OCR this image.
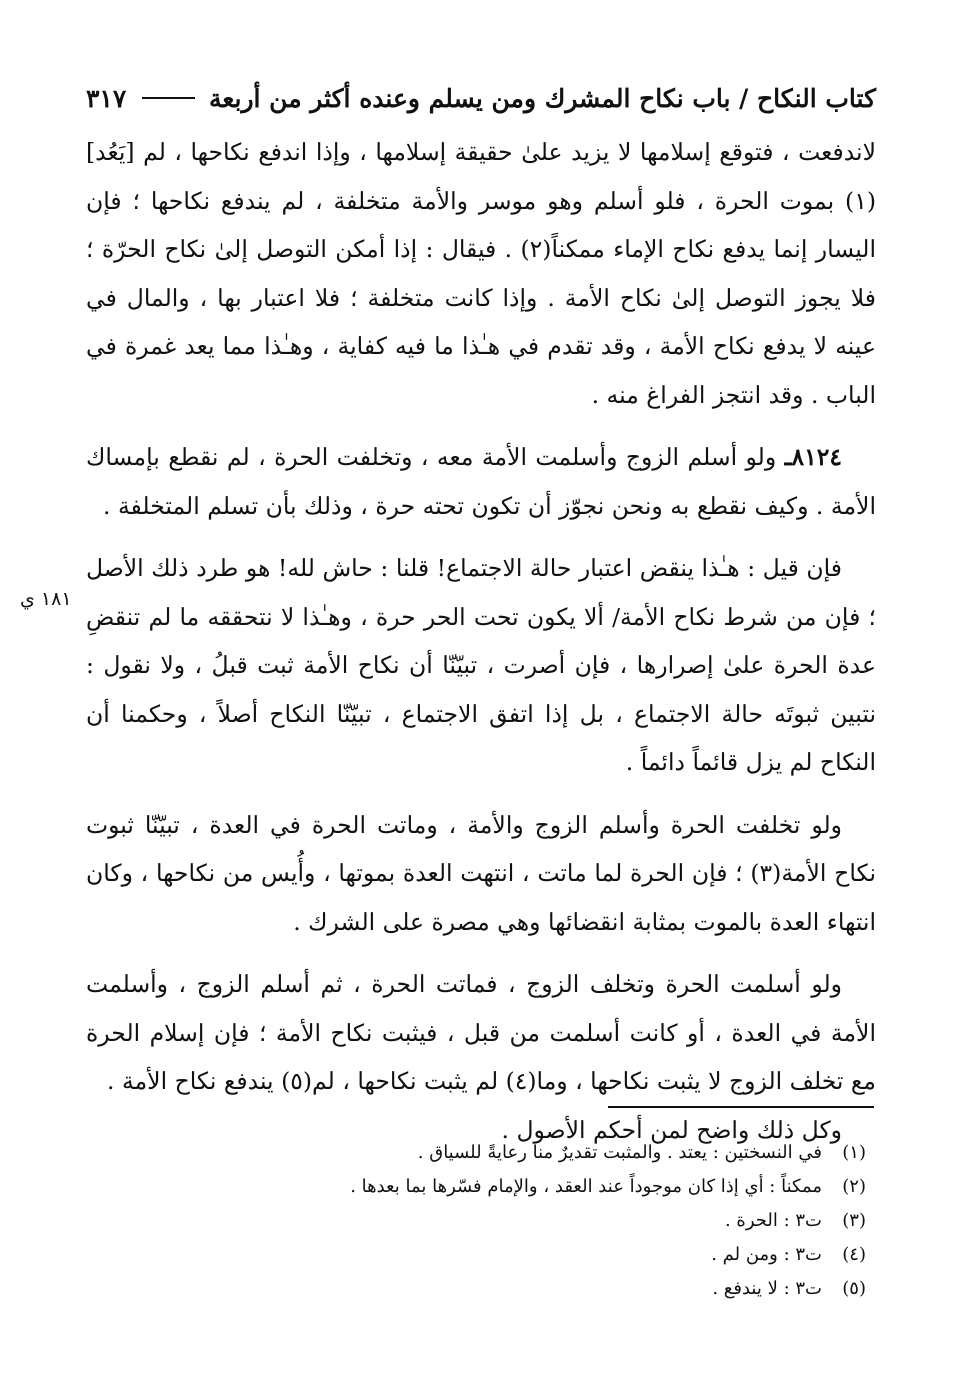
كتاب النكاح / باب نكاح المشرك ومن يسلم وعنده أكثر من أربعة
٣١٧
١٨١ ي

لاندفعت ، فتوقع إسلامها لا يزيد علىٰ حقيقة إسلامها ، وإذا اندفع نكاحها ، لم [يَعُد](١) بموت الحرة ، فلو أسلم وهو موسر والأمة متخلفة ، لم يندفع نكاحها ؛ فإن اليسار إنما يدفع نكاح الإماء ممكناً(٢) . فيقال : إذا أمكن التوصل إلىٰ نكاح الحرّة ؛ فلا يجوز التوصل إلىٰ نكاح الأمة . وإذا كانت متخلفة ؛ فلا اعتبار بها ، والمال في عينه لا يدفع نكاح الأمة ، وقد تقدم في هـٰذا ما فيه كفاية ، وهـٰذا مما يعد غمرة في الباب . وقد انتجز الفراغ منه .

٨١٢٤ـ ولو أسلم الزوج وأسلمت الأمة معه ، وتخلفت الحرة ، لم نقطع بإمساك الأمة . وكيف نقطع به ونحن نجوّز أن تكون تحته حرة ، وذلك بأن تسلم المتخلفة .

فإن قيل : هـٰذا ينقض اعتبار حالة الاجتماع! قلنا : حاش لله! هو طرد ذلك الأصل ؛ فإن من شرط نكاح الأمة/ ألا يكون تحت الحر حرة ، وهـٰذا لا نتحققه ما لم تنقضِ عدة الحرة علىٰ إصرارها ، فإن أصرت ، تبيّنّا أن نكاح الأمة ثبت قبلُ ، ولا نقول : نتبين ثبوتَه حالة الاجتماع ، بل إذا اتفق الاجتماع ، تبيّنّا النكاح أصلاً ، وحكمنا أن النكاح لم يزل قائماً دائماً .

ولو تخلفت الحرة وأسلم الزوج والأمة ، وماتت الحرة في العدة ، تبيّنّا ثبوت نكاح الأمة(٣) ؛ فإن الحرة لما ماتت ، انتهت العدة بموتها ، وأُيس من نكاحها ، وكان انتهاء العدة بالموت بمثابة انقضائها وهي مصرة على الشرك .

ولو أسلمت الحرة وتخلف الزوج ، فماتت الحرة ، ثم أسلم الزوج ، وأسلمت الأمة في العدة ، أو كانت أسلمت من قبل ، فيثبت نكاح الأمة ؛ فإن إسلام الحرة مع تخلف الزوج لا يثبت نكاحها ، وما(٤) لم يثبت نكاحها ، لم(٥) يندفع نكاح الأمة .

وكل ذلك واضح لمن أحكم الأصول .

(١)
في النسختين : يعتد . والمثبت تقديرٌ منا رعايةً للسياق .
(٢)
ممكناً : أي إذا كان موجوداً عند العقد ، والإمام فسّرها بما بعدها .
(٣)
ت٣ : الحرة .
(٤)
ت٣ : ومن لم .
(٥)
ت٣ : لا يندفع .
